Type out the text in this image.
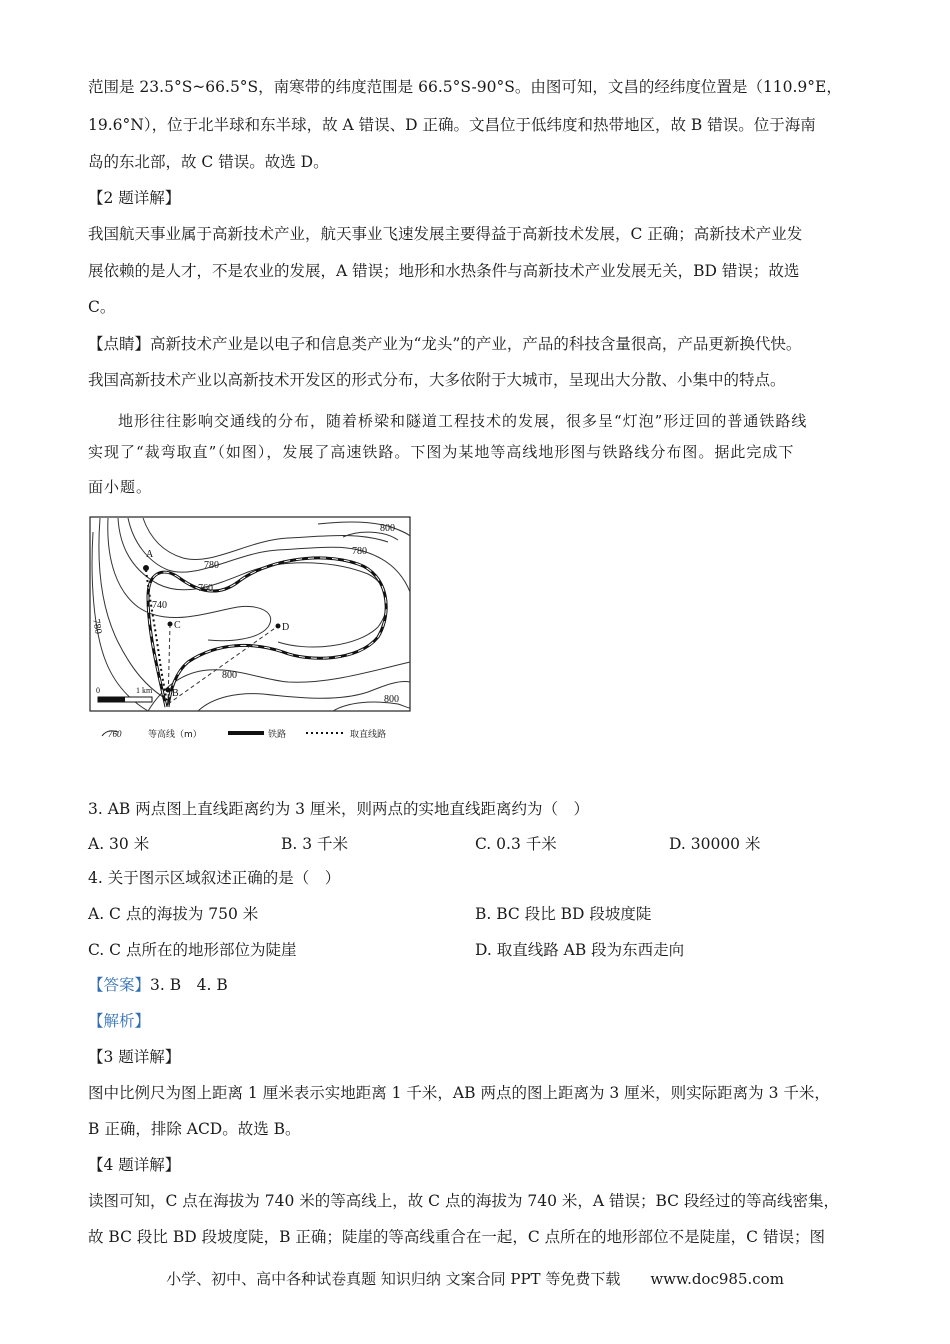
范围是 23.5°S~66.5°S，南寒带的纬度范围是 66.5°S-90°S。由图可知，文昌的经纬度位置是（110.9°E，
19.6°N），位于北半球和东半球，故 A 错误、D 正确。文昌位于低纬度和热带地区，故 B 错误。位于海南
岛的东北部，故 C 错误。故选 D。
【2 题详解】
我国航天事业属于高新技术产业，航天事业飞速发展主要得益于高新技术发展，C 正确；高新技术产业发
展依赖的是人才，不是农业的发展，A 错误；地形和水热条件与高新技术产业发展无关，BD 错误；故选
C。
【点睛】高新技术产业是以电子和信息类产业为“龙头”的产业，产品的科技含量很高，产品更新换代快。
我国高新技术产业以高新技术开发区的形式分布，大多依附于大城市，呈现出大分散、小集中的特点。
地形往往影响交通线的分布，随着桥梁和隧道工程技术的发展，很多呈“灯泡”形迂回的普通铁路线
实现了“裁弯取直”（如图），发展了高速铁路。下图为某地等高线地形图与铁路线分布图。据此完成下
面小题。
A
B
C	D
800
780
780
760
740
780
800
800
0	1 km
760	等高线（m）	铁路	取直线路
3. AB 两点图上直线距离约为 3 厘米，则两点的实地直线距离约为（　）
A. 30 米	B. 3 千米	C. 0.3 千米	D. 30000 米
4. 关于图示区域叙述正确的是（　）
A. C 点的海拔为 750 米	B. BC 段比 BD 段坡度陡
C. C 点所在的地形部位为陡崖	D. 取直线路 AB 段为东西走向
【答案】3. B　4. B
【解析】
【3 题详解】
图中比例尺为图上距离 1 厘米表示实地距离 1 千米，AB 两点的图上距离为 3 厘米，则实际距离为 3 千米，
B 正确，排除 ACD。故选 B。
【4 题详解】
读图可知，C 点在海拔为 740 米的等高线上，故 C 点的海拔为 740 米，A 错误；BC 段经过的等高线密集，
故 BC 段比 BD 段坡度陡，B 正确；陡崖的等高线重合在一起，C 点所在的地形部位不是陡崖，C 错误；图
小学、初中、高中各种试卷真题 知识归纳 文案合同 PPT 等免费下载　　www.doc985.com
